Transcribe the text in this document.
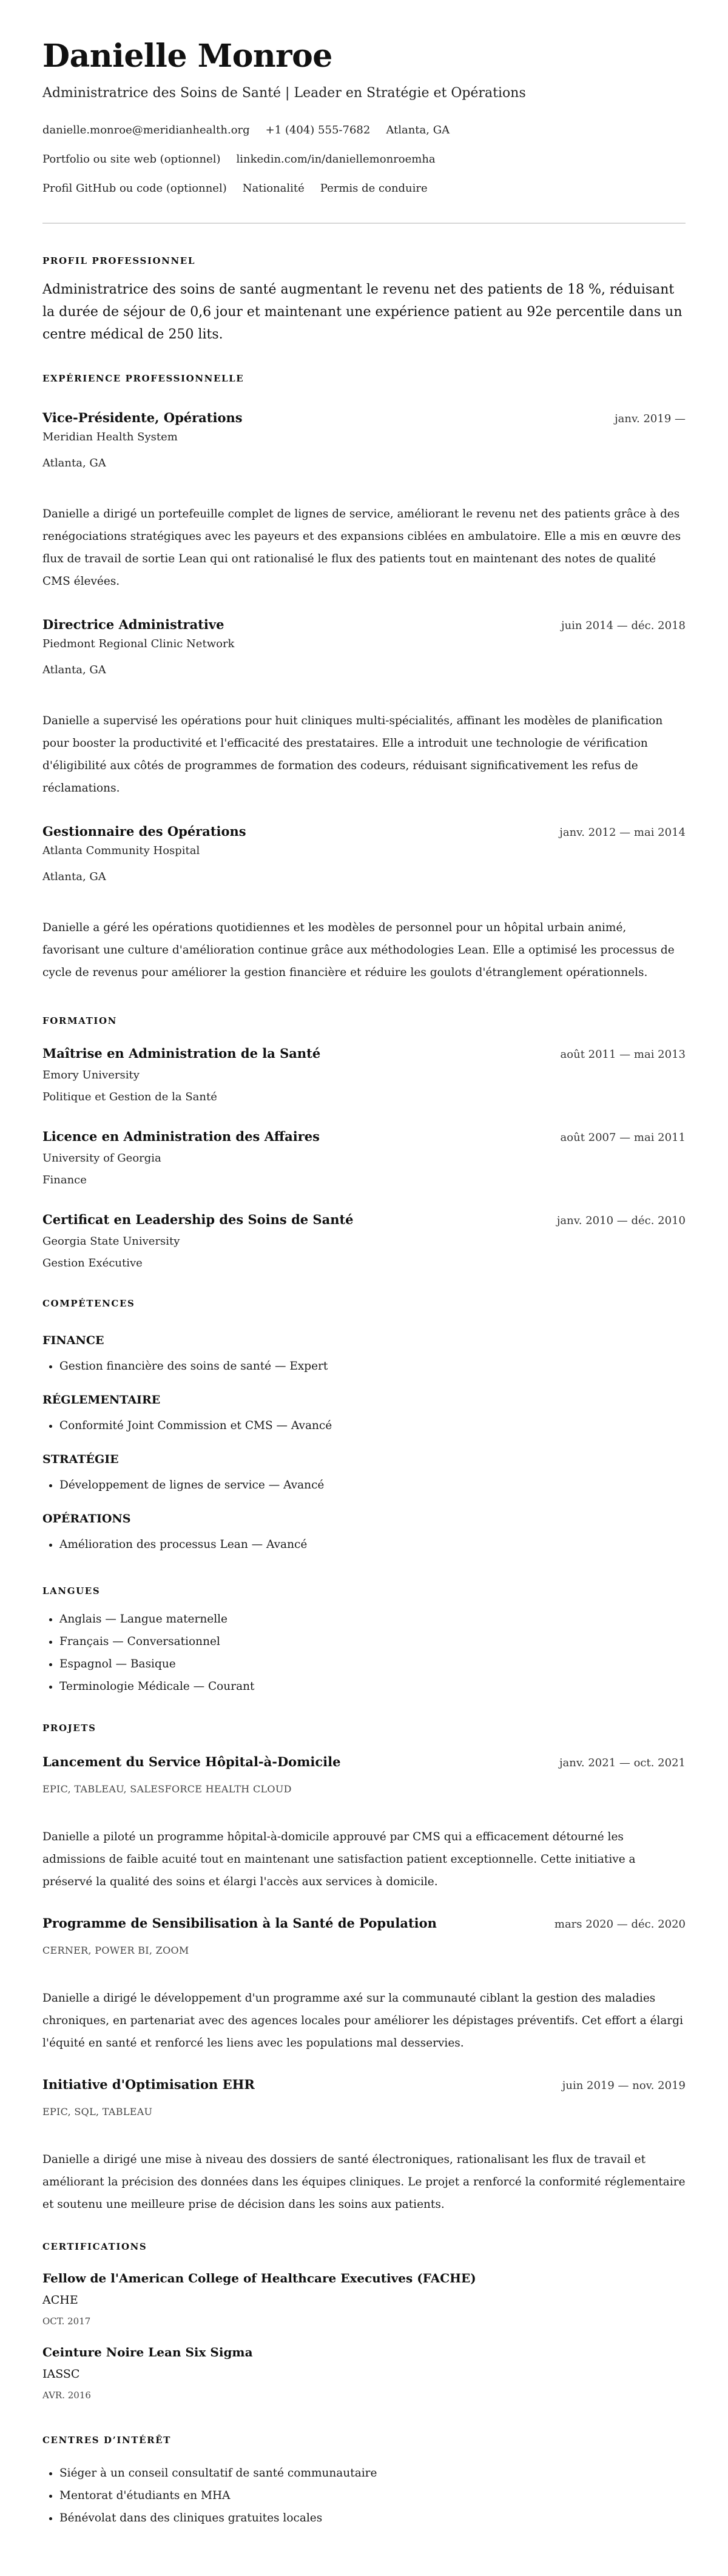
Danielle Monroe
Administratrice des Soins de Santé | Leader en Stratégie et Opérations
danielle.monroe@meridianhealth.org +1 (404) 555-7682 Atlanta, GA
Portfolio ou site web (optionnel) linkedin.com/in/daniellemonroemha
Profil GitHub ou code (optionnel) Nationalité Permis de conduire
PROFIL PROFESSIONNEL

Administratrice des soins de santé augmentant le revenu net des patients de 18 %, réduisant la durée de séjour de 0,6 jour et maintenant une expérience patient au 92e percentile dans un centre médical de 250 lits.

EXPÉRIENCE PROFESSIONNELLE
Vice-Présidente, Opérations	janv. 2019 —
Meridian Health System
Atlanta, GA
Danielle a dirigé un portefeuille complet de lignes de service, améliorant le revenu net des patients grâce à des renégociations stratégiques avec les payeurs et des expansions ciblées en ambulatoire. Elle a mis en œuvre des flux de travail de sortie Lean qui ont rationalisé le flux des patients tout en maintenant des notes de qualité CMS élevées.
Directrice Administrative	juin 2014 — déc. 2018
Piedmont Regional Clinic Network
Atlanta, GA
Danielle a supervisé les opérations pour huit cliniques multi-spécialités, affinant les modèles de planification pour booster la productivité et l'efficacité des prestataires. Elle a introduit une technologie de vérification d'éligibilité aux côtés de programmes de formation des codeurs, réduisant significativement les refus de réclamations.
Gestionnaire des Opérations	janv. 2012 — mai 2014
Atlanta Community Hospital
Atlanta, GA
Danielle a géré les opérations quotidiennes et les modèles de personnel pour un hôpital urbain animé, favorisant une culture d'amélioration continue grâce aux méthodologies Lean. Elle a optimisé les processus de cycle de revenus pour améliorer la gestion financière et réduire les goulots d'étranglement opérationnels.
FORMATION
Maîtrise en Administration de la Santé	août 2011 — mai 2013
Emory University
Politique et Gestion de la Santé
Licence en Administration des Affaires	août 2007 — mai 2011
University of Georgia
Finance
Certificat en Leadership des Soins de Santé	janv. 2010 — déc. 2010
Georgia State University
Gestion Exécutive
COMPÉTENCES
FINANCE
• Gestion financière des soins de santé — Expert
RÉGLEMENTAIRE
• Conformité Joint Commission et CMS — Avancé
STRATÉGIE
• Développement de lignes de service — Avancé
OPÉRATIONS
• Amélioration des processus Lean — Avancé
LANGUES
• Anglais — Langue maternelle
• Français — Conversationnel
• Espagnol — Basique
• Terminologie Médicale — Courant
PROJETS
Lancement du Service Hôpital-à-Domicile	janv. 2021 — oct. 2021
EPIC, TABLEAU, SALESFORCE HEALTH CLOUD
Danielle a piloté un programme hôpital-à-domicile approuvé par CMS qui a efficacement détourné les admissions de faible acuité tout en maintenant une satisfaction patient exceptionnelle. Cette initiative a préservé la qualité des soins et élargi l'accès aux services à domicile.
Programme de Sensibilisation à la Santé de Population	mars 2020 — déc. 2020
CERNER, POWER BI, ZOOM
Danielle a dirigé le développement d'un programme axé sur la communauté ciblant la gestion des maladies chroniques, en partenariat avec des agences locales pour améliorer les dépistages préventifs. Cet effort a élargi l'équité en santé et renforcé les liens avec les populations mal desservies.
Initiative d'Optimisation EHR	juin 2019 — nov. 2019
EPIC, SQL, TABLEAU
Danielle a dirigé une mise à niveau des dossiers de santé électroniques, rationalisant les flux de travail et améliorant la précision des données dans les équipes cliniques. Le projet a renforcé la conformité réglementaire et soutenu une meilleure prise de décision dans les soins aux patients.
CERTIFICATIONS
Fellow de l'American College of Healthcare Executives (FACHE)
ACHE
OCT. 2017
Ceinture Noire Lean Six Sigma
IASSC
AVR. 2016
CENTRES D’INTÉRÊT
• Siéger à un conseil consultatif de santé communautaire
• Mentorat d'étudiants en MHA
• Bénévolat dans des cliniques gratuites locales
